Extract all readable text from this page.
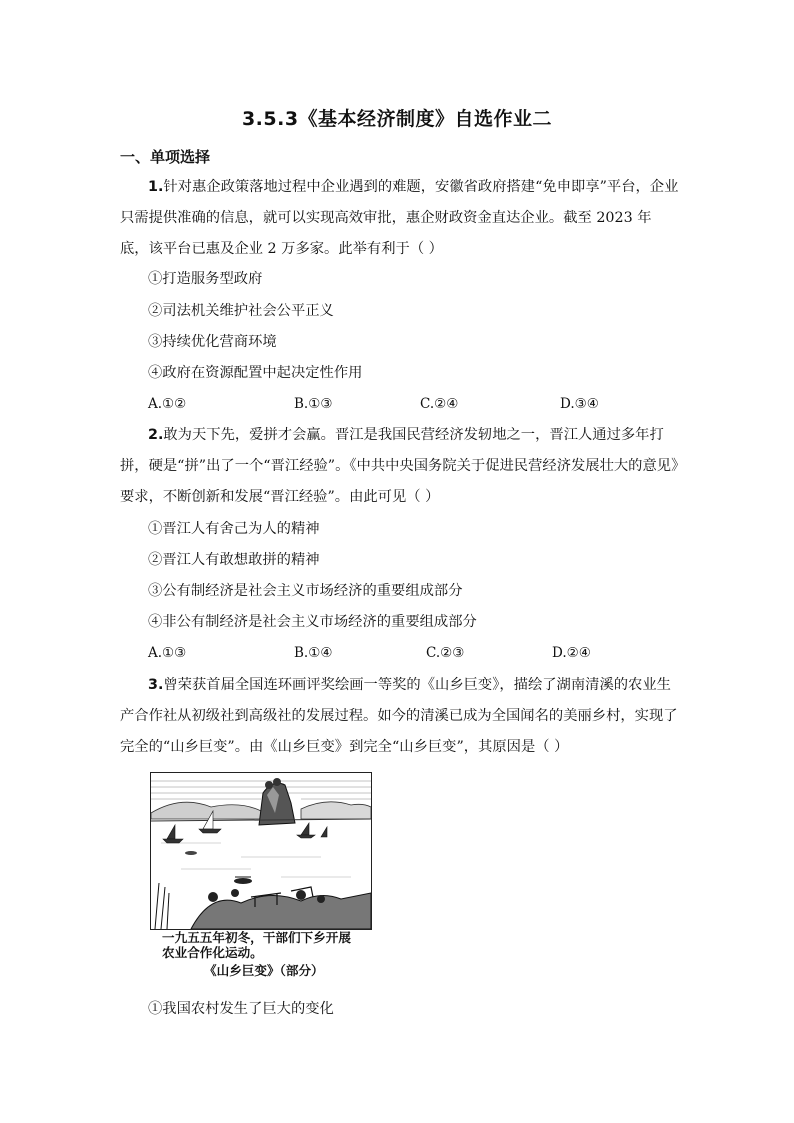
3.5.3《基本经济制度》自选作业二
一、单项选择
1.针对惠企政策落地过程中企业遇到的难题，安徽省政府搭建“免申即享”平台，企业只需提供准确的信息，就可以实现高效审批，惠企财政资金直达企业。截至 2023 年底，该平台已惠及企业 2 万多家。此举有利于（ ）
①打造服务型政府
②司法机关维护社会公平正义
③持续优化营商环境
④政府在资源配置中起决定性作用
A.①②	B.①③	C.②④	D.③④
2.敢为天下先，爱拼才会赢。晋江是我国民营经济发轫地之一，晋江人通过多年打拼，硬是“拼”出了一个“晋江经验”。《中共中央国务院关于促进民营经济发展壮大的意见》要求，不断创新和发展“晋江经验”。由此可见（ ）
①晋江人有舍己为人的精神
②晋江人有敢想敢拼的精神
③公有制经济是社会主义市场经济的重要组成部分
④非公有制经济是社会主义市场经济的重要组成部分
A.①③	B.①④	C.②③	D.②④
3.曾荣获首届全国连环画评奖绘画一等奖的《山乡巨变》，描绘了湖南清溪的农业生产合作社从初级社到高级社的发展过程。如今的清溪已成为全国闻名的美丽乡村，实现了完全的“山乡巨变”。由《山乡巨变》到完全“山乡巨变”，其原因是（ ）
一九五五年初冬，干部们下乡开展
农业合作化运动。
《山乡巨变》（部分）
①我国农村发生了巨大的变化
